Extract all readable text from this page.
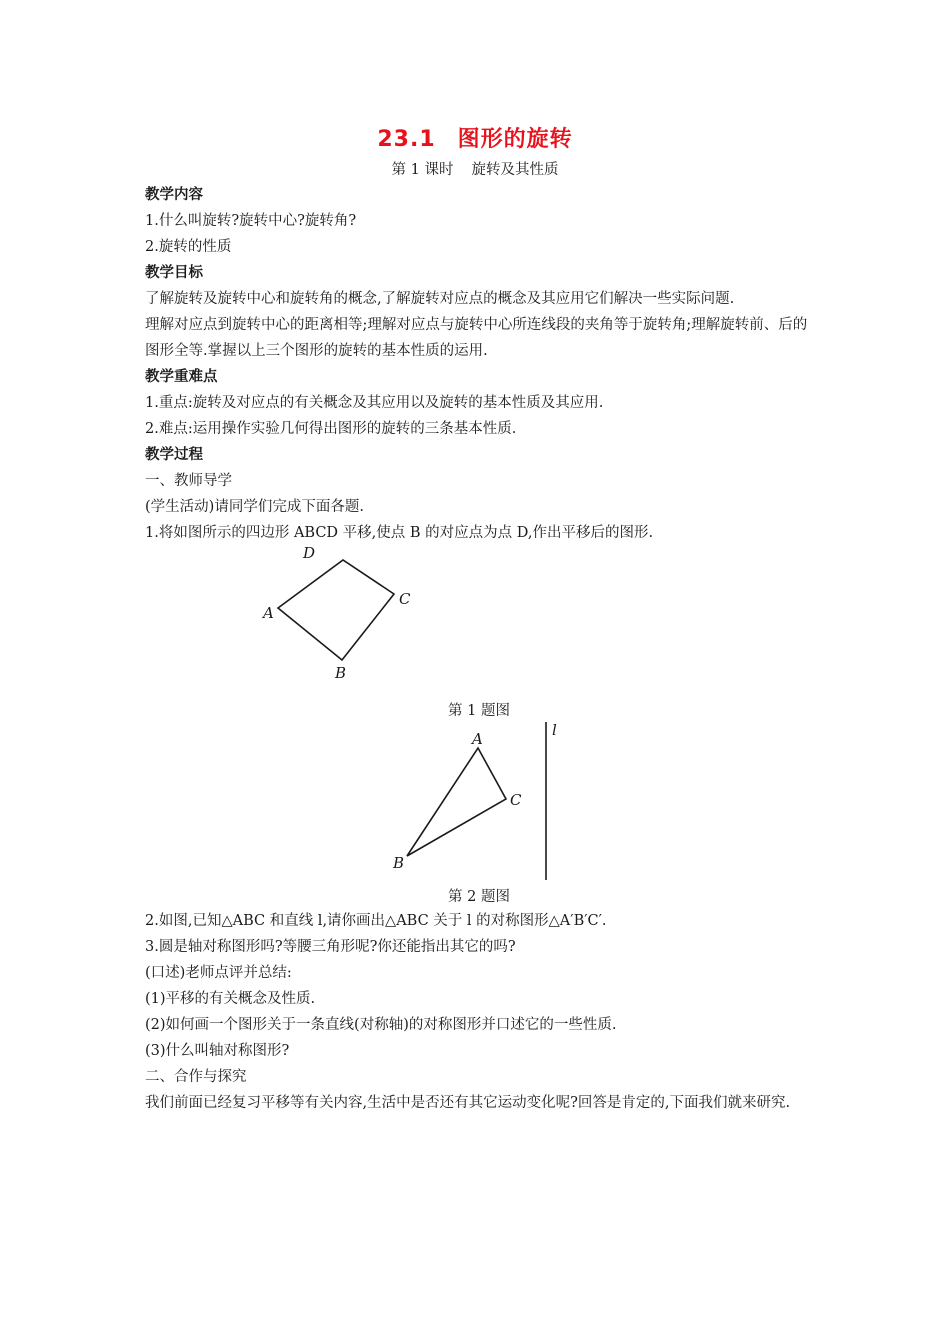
23.1 图形的旋转
第 1 课时 旋转及其性质
教学内容

1.什么叫旋转?旋转中心?旋转角?

2.旋转的性质

教学目标

了解旋转及旋转中心和旋转角的概念,了解旋转对应点的概念及其应用它们解决一些实际问题.

理解对应点到旋转中心的距离相等;理解对应点与旋转中心所连线段的夹角等于旋转角;理解旋转前、后的图形全等.掌握以上三个图形的旋转的基本性质的运用.

教学重难点

1.重点:旋转及对应点的有关概念及其应用以及旋转的基本性质及其应用.

2.难点:运用操作实验几何得出图形的旋转的三条基本性质.

教学过程

一、教师导学

(学生活动)请同学们完成下面各题.

1.将如图所示的四边形 ABCD 平移,使点 B 的对应点为点 D,作出平移后的图形.

D
C
A
B
第 1 题图
A
C
B
l
第 2 题图

2.如图,已知△ABC 和直线 l,请你画出△ABC 关于 l 的对称图形△A′B′C′.

3.圆是轴对称图形吗?等腰三角形呢?你还能指出其它的吗?

(口述)老师点评并总结:

(1)平移的有关概念及性质.

(2)如何画一个图形关于一条直线(对称轴)的对称图形并口述它的一些性质.

(3)什么叫轴对称图形?

二、合作与探究

我们前面已经复习平移等有关内容,生活中是否还有其它运动变化呢?回答是肯定的,下面我们就来研究.
